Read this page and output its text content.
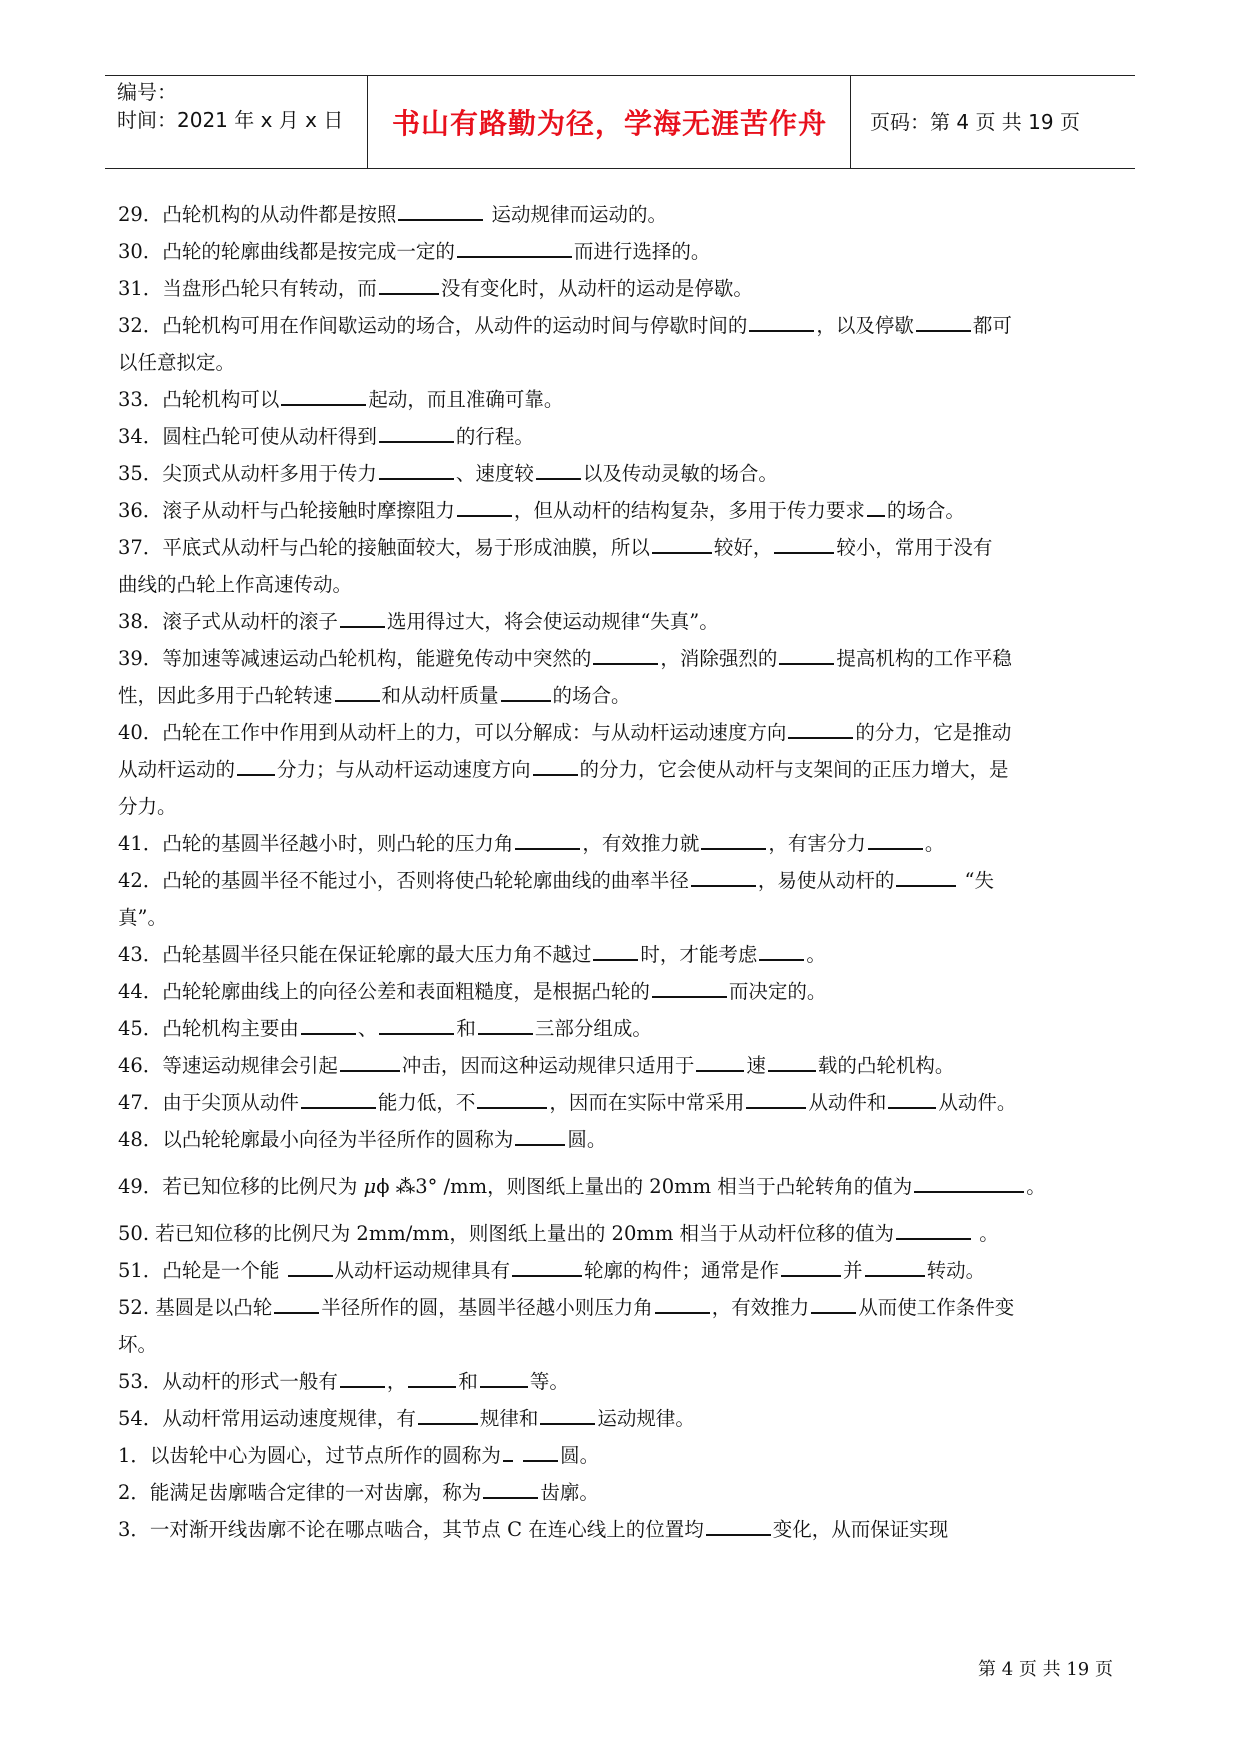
编号：
时间：2021 年 x 月 x 日 书山有路勤为径，学海无涯苦作舟 页码：第 4 页 共 19 页
29．凸轮机构的从动件都是按照	运动规律而运动的。
30．凸轮的轮廓曲线都是按完成一定的	而进行选择的。
31．当盘形凸轮只有转动，而	没有变化时，从动杆的运动是停歇。
32．凸轮机构可用在作间歇运动的场合，从动件的运动时间与停歇时间的	，以及停歇	都可
以任意拟定。
33．凸轮机构可以	起动，而且准确可靠。
34．圆柱凸轮可使从动杆得到	的行程。
35．尖顶式从动杆多用于传力	、速度较	以及传动灵敏的场合。
36．滚子从动杆与凸轮接触时摩擦阻力	，但从动杆的结构复杂，多用于传力要求 的场合。
37．平底式从动杆与凸轮的接触面较大，易于形成油膜，所以	较好，	较小，常用于没有
曲线的凸轮上作高速传动。
38．滚子式从动杆的滚子	选用得过大，将会使运动规律“失真”。
39．等加速等减速运动凸轮机构，能避免传动中突然的	，消除强烈的	提高机构的工作平稳
性，因此多用于凸轮转速	和从动杆质量	的场合。
40．凸轮在工作中作用到从动杆上的力，可以分解成：与从动杆运动速度方向	的分力，它是推动
从动杆运动的 分力；与从动杆运动速度方向	的分力，它会使从动杆与支架间的正压力增大，是
分力。
41．凸轮的基圆半径越小时，则凸轮的压力角	，有效推力就	，有害分力	。
42．凸轮的基圆半径不能过小，否则将使凸轮轮廓曲线的曲率半径	，易使从动杆的	“失
真”。
43．凸轮基圆半径只能在保证轮廓的最大压力角不越过	时，才能考虑	。
44．凸轮轮廓曲线上的向径公差和表面粗糙度，是根据凸轮的	而决定的。
45．凸轮机构主要由	、	和	三部分组成。
46．等速运动规律会引起	冲击，因而这种运动规律只适用于	速	载的凸轮机构。
47．由于尖顶从动件	能力低，不	，因而在实际中常采用	从动件和	从动件。
48．以凸轮轮廓最小向径为半径所作的圆称为	圆。
49．若已知位移的比例尺为 μϕ ⁂3° /mm，则图纸上量出的 20mm 相当于凸轮转角的值为	。
50. 若已知位移的比例尺为 2mm/mm，则图纸上量出的 20mm 相当于从动杆位移的值为	。
51．凸轮是一个能	从动杆运动规律具有	轮廓的构件；通常是作	并	转动。
52. 基圆是以凸轮	半径所作的圆，基圆半径越小则压力角	，有效推力	从而使工作条件变
坏。
53．从动杆的形式一般有	，	和	等。
54．从动杆常用运动速度规律，有	规律和	运动规律。
1．以齿轮中心为圆心，过节点所作的圆称为	圆。
2．能满足齿廓啮合定律的一对齿廓，称为	齿廓。
3．一对渐开线齿廓不论在哪点啮合，其节点 C 在连心线上的位置均	变化，从而保证实现
第 4 页 共 19 页
